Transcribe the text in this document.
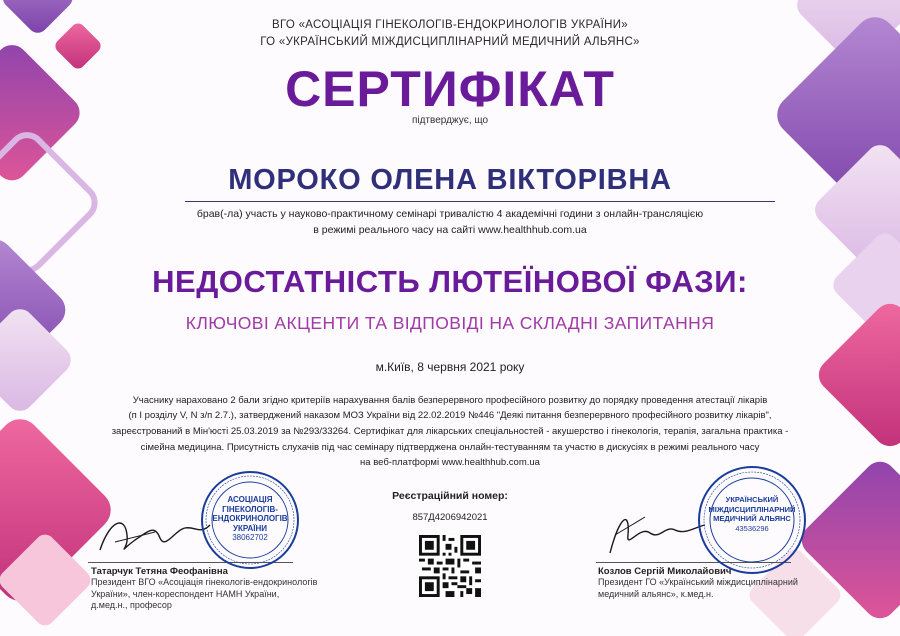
ВГО «АСОЦІАЦІЯ ГІНЕКОЛОГІВ-ЕНДОКРИНОЛОГІВ УКРАЇНИ»
ГО «УКРАЇНСЬКИЙ МІЖДИСЦИПЛІНАРНИЙ МЕДИЧНИЙ АЛЬЯНС»
СЕРТИФІКАТ
підтверджує, що
МОРОКО ОЛЕНА ВІКТОРІВНА
брав(-ла) участь у науково-практичному семінарі тривалістю 4 академічні години з онлайн-трансляцією
в режимі реального часу на сайті www.healthhub.com.ua
НЕДОСТАТНІСТЬ ЛЮТЕЇНОВОЇ ФАЗИ:
КЛЮЧОВІ АКЦЕНТИ ТА ВІДПОВІДІ НА СКЛАДНІ ЗАПИТАННЯ
м.Київ, 8 червня 2021 року
Учаснику нараховано 2 бали згідно критеріїв нарахування балів безперервного професійного розвитку до порядку проведення атестації лікарів
(п І розділу V, N з/п 2.7.), затверджений наказом МОЗ України від 22.02.2019 №446 "Деякі питання безперервного професійного розвитку лікарів",
зареєстрований в Мін'юсті 25.03.2019 за №293/33264. Сертифікат для лікарських спеціальностей - акушерство і гінекологія, терапія, загальна практика -
сімейна медицина. Присутність слухачів під час семінару підтверджена онлайн-тестуванням та участю в дискусіях в режимі реального часу
на веб-платформі www.healthhub.com.ua
Реєстраційний номер:
857Д4206942021
АСОЦІАЦІЯ
ГІНЕКОЛОГІВ-
ЕНДОКРИНОЛОГІВ
УКРАЇНИ
38062702
Татарчук Тетяна Феофанівна
Президент ВГО «Асоціація гінекологів-ендокринологів
України», член-кореспондент НАМН України,
д.мед.н., професор
УКРАЇНСЬКИЙ
МІЖДИСЦИПЛІНАРНИЙ
МЕДИЧНИЙ АЛЬЯНС
43536296
Козлов Сергій Миколайович
Президент ГО «Український міждисциплінарний
медичний альянс», к.мед.н.
